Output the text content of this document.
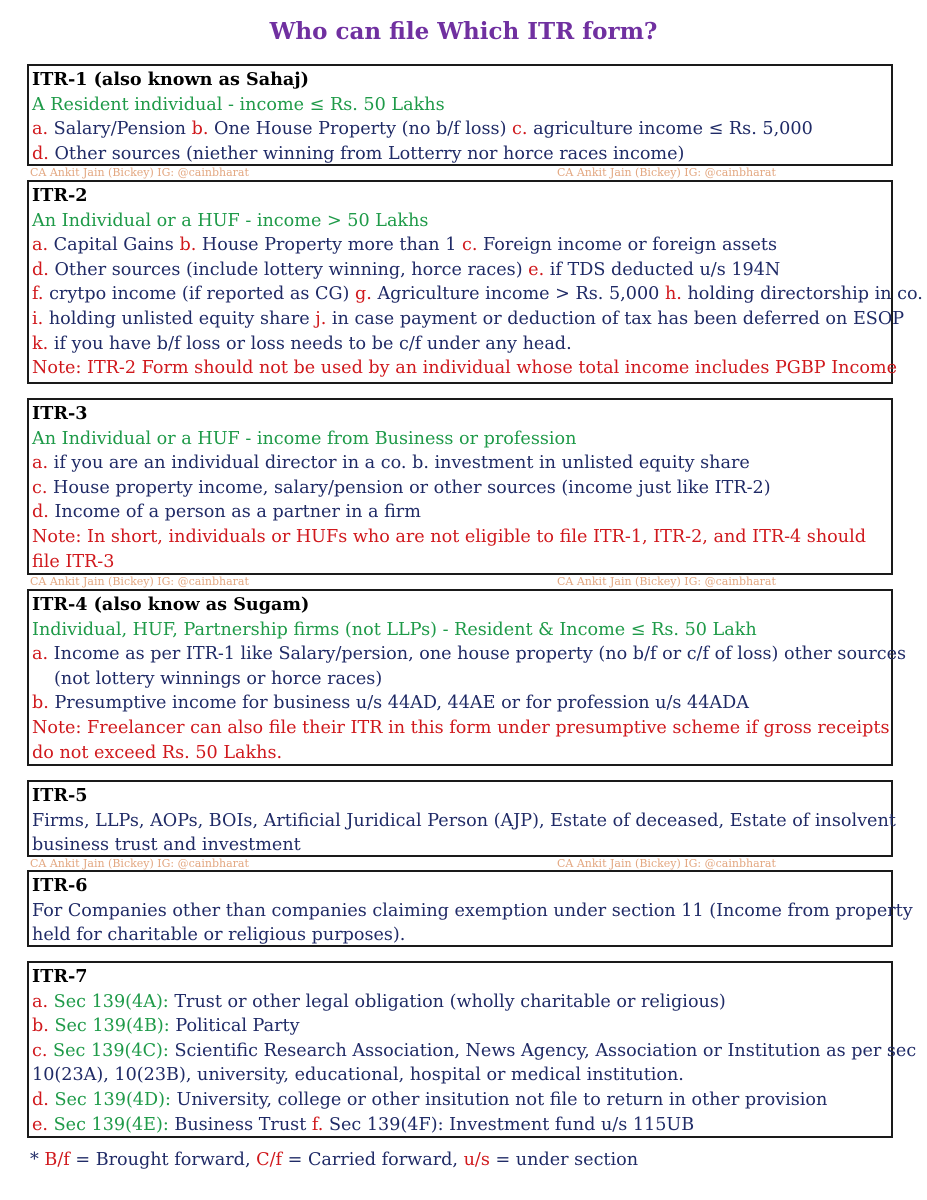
Who can file Which ITR form?
ITR-1 (also known as Sahaj)
A Resident individual - income ≤ Rs. 50 Lakhs
a. Salary/Pension b. One House Property (no b/f loss) c. agriculture income ≤ Rs. 5,000
d. Other sources (niether winning from Lotterry nor horce races income)
CA Ankit Jain (Bickey) IG: @cainbharat	CA Ankit Jain (Bickey) IG: @cainbharat
ITR-2
An Individual or a HUF - income > 50 Lakhs
a. Capital Gains b. House Property more than 1 c. Foreign income or foreign assets
d. Other sources (include lottery winning, horce races) e. if TDS deducted u/s 194N
f. crytpo income (if reported as CG) g. Agriculture income > Rs. 5,000 h. holding directorship in co.
i. holding unlisted equity share j. in case payment or deduction of tax has been deferred on ESOP
k. if you have b/f loss or loss needs to be c/f under any head.
Note: ITR-2 Form should not be used by an individual whose total income includes PGBP Income
ITR-3
An Individual or a HUF - income from Business or profession
a. if you are an individual director in a co. b. investment in unlisted equity share
c. House property income, salary/pension or other sources (income just like ITR-2)
d. Income of a person as a partner in a firm
Note: In short, individuals or HUFs who are not eligible to file ITR-1, ITR-2, and ITR-4 should
file ITR-3
CA Ankit Jain (Bickey) IG: @cainbharat	CA Ankit Jain (Bickey) IG: @cainbharat
ITR-4 (also know as Sugam)
Individual, HUF, Partnership firms (not LLPs) - Resident & Income ≤ Rs. 50 Lakh
a. Income as per ITR-1 like Salary/persion, one house property (no b/f or c/f of loss) other sources
(not lottery winnings or horce races)
b. Presumptive income for business u/s 44AD, 44AE or for profession u/s 44ADA
Note: Freelancer can also file their ITR in this form under presumptive scheme if gross receipts
do not exceed Rs. 50 Lakhs.
ITR-5
Firms, LLPs, AOPs, BOIs, Artificial Juridical Person (AJP), Estate of deceased, Estate of insolvent
business trust and investment
CA Ankit Jain (Bickey) IG: @cainbharat	CA Ankit Jain (Bickey) IG: @cainbharat
ITR-6
For Companies other than companies claiming exemption under section 11 (Income from property
held for charitable or religious purposes).
ITR-7
a. Sec 139(4A): Trust or other legal obligation (wholly charitable or religious)
b. Sec 139(4B): Political Party
c. Sec 139(4C): Scientific Research Association, News Agency, Association or Institution as per sec
10(23A), 10(23B), university, educational, hospital or medical institution.
d. Sec 139(4D): University, college or other insitution not file to return in other provision
e. Sec 139(4E): Business Trust f. Sec 139(4F): Investment fund u/s 115UB
* B/f = Brought forward, C/f = Carried forward, u/s = under section
